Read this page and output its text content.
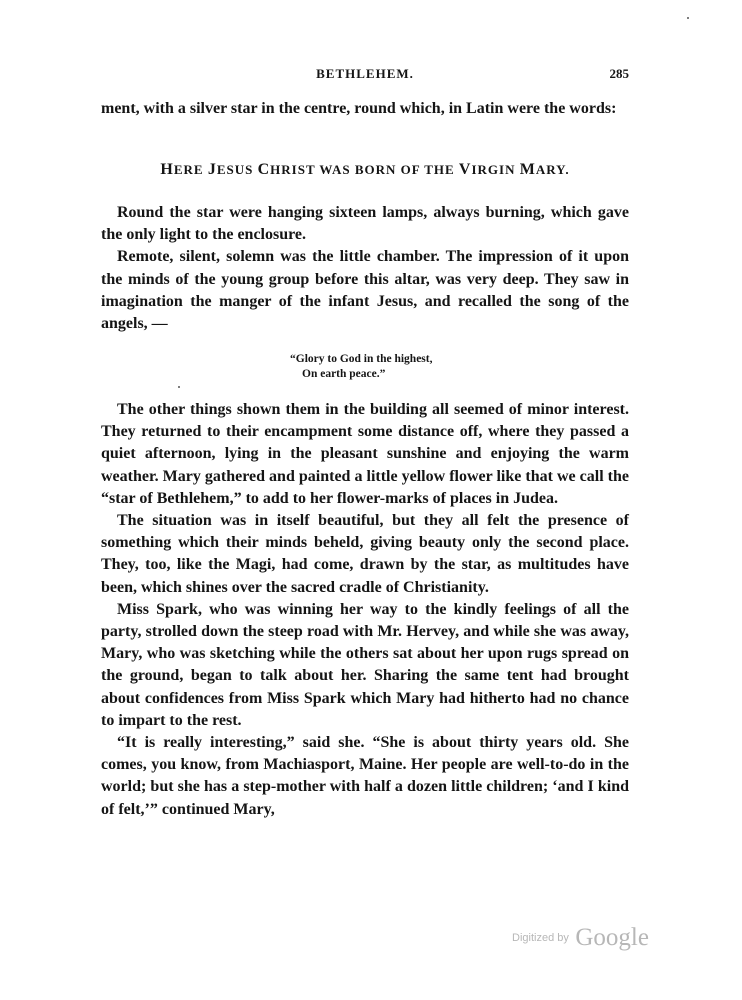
BETHLEHEM.	285

ment, with a silver star in the centre, round which, in Latin were the words:

HERE JESUS CHRIST WAS BORN OF THE VIRGIN MARY.

Round the star were hanging sixteen lamps, always burning, which gave the only light to the enclosure.

Remote, silent, solemn was the little chamber. The impression of it upon the minds of the young group before this altar, was very deep. They saw in imagination the manger of the infant Jesus, and recalled the song of the angels, —

“Glory to God in the highest,
On earth peace.”

The other things shown them in the building all seemed of minor interest. They returned to their encampment some distance off, where they passed a quiet afternoon, lying in the pleasant sunshine and enjoying the warm weather. Mary gathered and painted a little yellow flower like that we call the “star of Bethlehem,” to add to her flower-marks of places in Judea.

The situation was in itself beautiful, but they all felt the presence of something which their minds beheld, giving beauty only the second place. They, too, like the Magi, had come, drawn by the star, as multitudes have been, which shines over the sacred cradle of Christianity.

Miss Spark, who was winning her way to the kindly feelings of all the party, strolled down the steep road with Mr. Hervey, and while she was away, Mary, who was sketching while the others sat about her upon rugs spread on the ground, began to talk about her. Sharing the same tent had brought about confidences from Miss Spark which Mary had hitherto had no chance to impart to the rest.

“It is really interesting,” said she. “She is about thirty years old. She comes, you know, from Machiasport, Maine. Her people are well-to-do in the world; but she has a step-mother with half a dozen little children; ‘and I kind of felt,’” continued Mary,

$^{Digitized by}$ Google
